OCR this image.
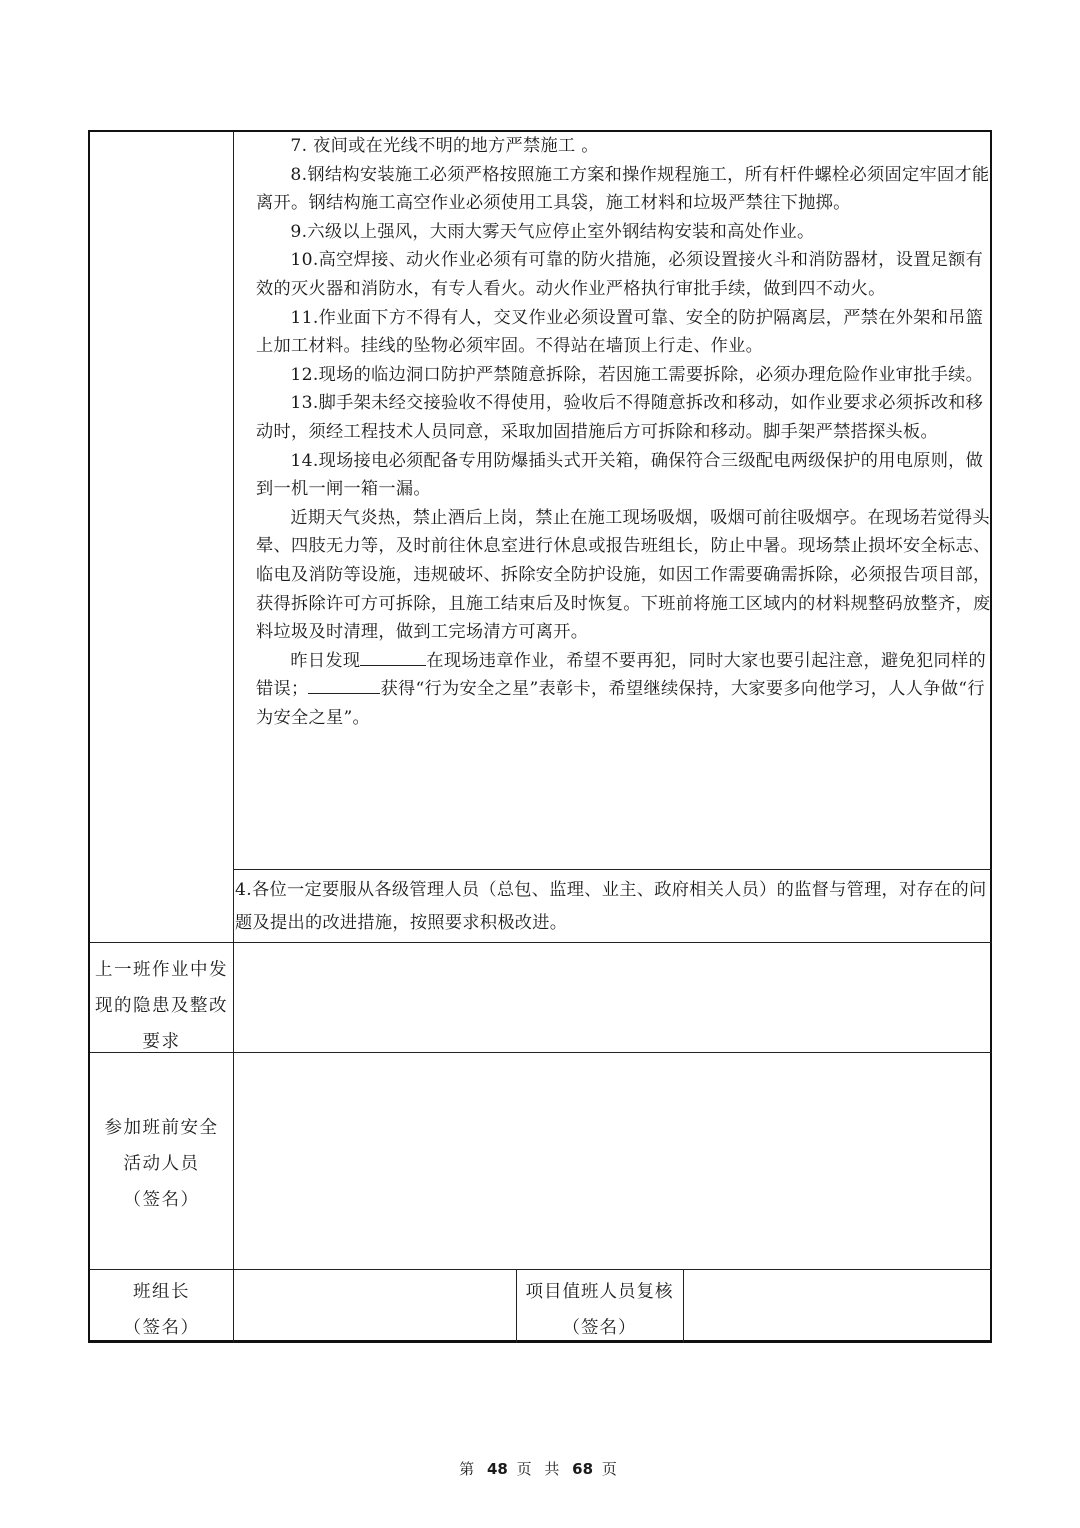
7. 夜间或在光线不明的地方严禁施工 。

8.钢结构安装施工必须严格按照施工方案和操作规程施工，所有杆件螺栓必须固定牢固才能离开。钢结构施工高空作业必须使用工具袋，施工材料和垃圾严禁往下抛掷。

9.六级以上强风，大雨大雾天气应停止室外钢结构安装和高处作业。

10.高空焊接、动火作业必须有可靠的防火措施，必须设置接火斗和消防器材，设置足额有效的灭火器和消防水，有专人看火。动火作业严格执行审批手续，做到四不动火。

11.作业面下方不得有人，交叉作业必须设置可靠、安全的防护隔离层，严禁在外架和吊篮上加工材料。挂线的坠物必须牢固。不得站在墙顶上行走、作业。

12.现场的临边洞口防护严禁随意拆除，若因施工需要拆除，必须办理危险作业审批手续。

13.脚手架未经交接验收不得使用，验收后不得随意拆改和移动，如作业要求必须拆改和移动时，须经工程技术人员同意，采取加固措施后方可拆除和移动。脚手架严禁搭探头板。

14.现场接电必须配备专用防爆插头式开关箱，确保符合三级配电两级保护的用电原则，做到一机一闸一箱一漏。

近期天气炎热，禁止酒后上岗，禁止在施工现场吸烟，吸烟可前往吸烟亭。在现场若觉得头晕、四肢无力等，及时前往休息室进行休息或报告班组长，防止中暑。现场禁止损坏安全标志、临电及消防等设施，违规破坏、拆除安全防护设施，如因工作需要确需拆除，必须报告项目部，获得拆除许可方可拆除，且施工结束后及时恢复。下班前将施工区域内的材料规整码放整齐，废料垃圾及时清理，做到工完场清方可离开。

昨日发现	在现场违章作业，希望不要再犯，同时大家也要引起注意，避免犯同样的错误；	获得“行为安全之星”表彰卡，希望继续保持，大家要多向他学习，人人争做“行为安全之星”。

4.各位一定要服从各级管理人员（总包、监理、业主、政府相关人员）的监督与管理，对存在的问题及提出的改进措施，按照要求积极改进。
上一班作业中发现的隐患及整改要求
参加班前安全
活动人员
（签名）
班组长
（签名）
项目值班人员复核
（签名）
第 48 页 共 68 页
